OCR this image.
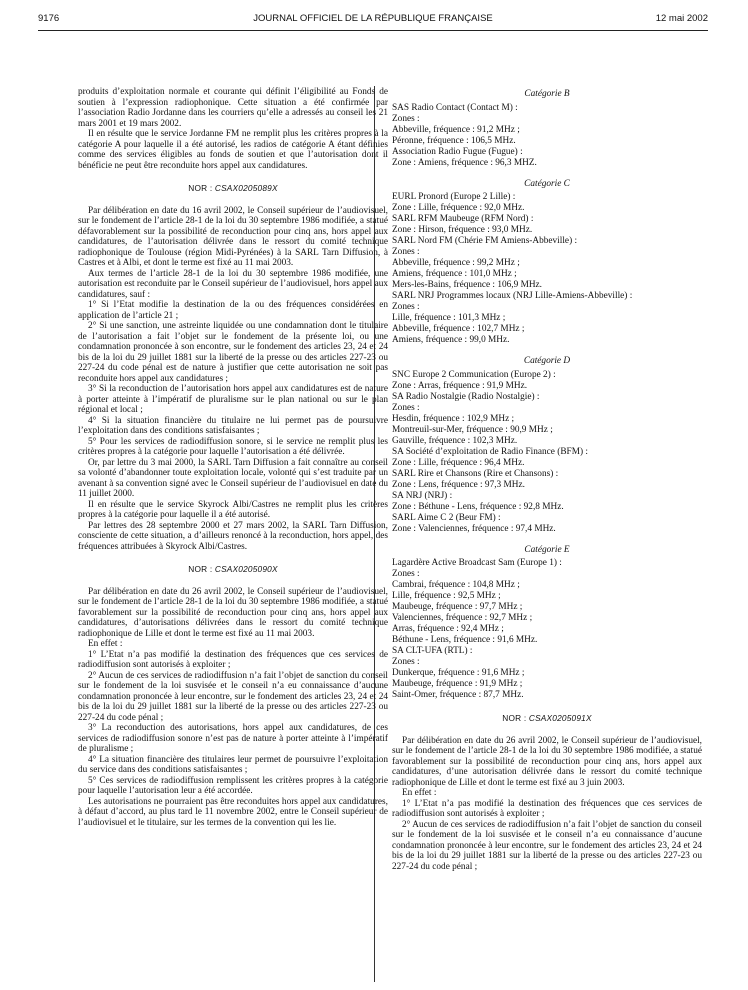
9176	JOURNAL OFFICIEL DE LA RÉPUBLIQUE FRANÇAISE	12 mai 2002

produits d’exploitation normale et courante qui définit l’éligibilité au Fonds de soutien à l’expression radiophonique. Cette situation a été confirmée par l’association Radio Jordanne dans les courriers qu’elle a adressés au conseil les 21 mars 2001 et 19 mars 2002.

Il en résulte que le service Jordanne FM ne remplit plus les critères propres à la catégorie A pour laquelle il a été autorisé, les radios de catégorie A étant définies comme des services éligibles au fonds de soutien et que l’autorisation dont il bénéficie ne peut être reconduite hors appel aux candidatures.

NOR : CSAX0205089X

Par délibération en date du 16 avril 2002, le Conseil supérieur de l’audiovisuel, sur le fondement de l’article 28-1 de la loi du 30 septembre 1986 modifiée, a statué défavorablement sur la possibilité de reconduction pour cinq ans, hors appel aux candidatures, de l’autorisation délivrée dans le ressort du comité technique radiophonique de Toulouse (région Midi-Pyrénées) à la SARL Tarn Diffusion, à Castres et à Albi, et dont le terme est fixé au 11 mai 2003.

Aux termes de l’article 28-1 de la loi du 30 septembre 1986 modifiée, une autorisation est reconduite par le Conseil supérieur de l’audiovisuel, hors appel aux candidatures, sauf :

1° Si l’Etat modifie la destination de la ou des fréquences considérées en application de l’article 21 ;

2° Si une sanction, une astreinte liquidée ou une condamnation dont le titulaire de l’autorisation a fait l’objet sur le fondement de la présente loi, ou une condamnation prononcée à son encontre, sur le fondement des articles 23, 24 et 24 bis de la loi du 29 juillet 1881 sur la liberté de la presse ou des articles 227-23 ou 227-24 du code pénal est de nature à justifier que cette autorisation ne soit pas reconduite hors appel aux candidatures ;

3° Si la reconduction de l’autorisation hors appel aux candidatures est de nature à porter atteinte à l’impératif de pluralisme sur le plan national ou sur le plan régional et local ;

4° Si la situation financière du titulaire ne lui permet pas de poursuivre l’exploitation dans des conditions satisfaisantes ;

5° Pour les services de radiodiffusion sonore, si le service ne remplit plus les critères propres à la catégorie pour laquelle l’autorisation a été délivrée.

Or, par lettre du 3 mai 2000, la SARL Tarn Diffusion a fait connaître au conseil sa volonté d’abandonner toute exploitation locale, volonté qui s’est traduite par un avenant à sa convention signé avec le Conseil supérieur de l’audiovisuel en date du 11 juillet 2000.

Il en résulte que le service Skyrock Albi/Castres ne remplit plus les critères propres à la catégorie pour laquelle il a été autorisé.

Par lettres des 28 septembre 2000 et 27 mars 2002, la SARL Tarn Diffusion, consciente de cette situation, a d’ailleurs renoncé à la reconduction, hors appel, des fréquences attribuées à Skyrock Albi/Castres.

NOR : CSAX0205090X

Par délibération en date du 26 avril 2002, le Conseil supérieur de l’audiovisuel, sur le fondement de l’article 28-1 de la loi du 30 septembre 1986 modifiée, a statué favorablement sur la possibilité de reconduction pour cinq ans, hors appel aux candidatures, d’autorisations délivrées dans le ressort du comité technique radiophonique de Lille et dont le terme est fixé au 11 mai 2003.

En effet :

1° L’Etat n’a pas modifié la destination des fréquences que ces services de radiodiffusion sont autorisés à exploiter ;

2° Aucun de ces services de radiodiffusion n’a fait l’objet de sanction du conseil sur le fondement de la loi susvisée et le conseil n’a eu connaissance d’aucune condamnation prononcée à leur encontre, sur le fondement des articles 23, 24 et 24 bis de la loi du 29 juillet 1881 sur la liberté de la presse ou des articles 227-23 ou 227-24 du code pénal ;

3° La reconduction des autorisations, hors appel aux candidatures, de ces services de radiodiffusion sonore n’est pas de nature à porter atteinte à l’impératif de pluralisme ;

4° La situation financière des titulaires leur permet de poursuivre l’exploitation du service dans des conditions satisfaisantes ;

5° Ces services de radiodiffusion remplissent les critères propres à la catégorie pour laquelle l’autorisation leur a été accordée.

Les autorisations ne pourraient pas être reconduites hors appel aux candidatures, à défaut d’accord, au plus tard le 11 novembre 2002, entre le Conseil supérieur de l’audiovisuel et le titulaire, sur les termes de la convention qui les lie.

Catégorie B
SAS Radio Contact (Contact M) :
Zones :
Abbeville, fréquence : 91,2 MHz ;
Péronne, fréquence : 106,5 MHz.
Association Radio Fugue (Fugue) :
Zone : Amiens, fréquence : 96,3 MHZ.
Catégorie C
EURL Pronord (Europe 2 Lille) :
Zone : Lille, fréquence : 92,0 MHz.
SARL RFM Maubeuge (RFM Nord) :
Zone : Hirson, fréquence : 93,0 MHz.
SARL Nord FM (Chérie FM Amiens-Abbeville) :
Zones :
Abbeville, fréquence : 99,2 MHz ;
Amiens, fréquence : 101,0 MHz ;
Mers-les-Bains, fréquence : 106,9 MHz.
SARL NRJ Programmes locaux (NRJ Lille-Amiens-Abbeville) :
Zones :
Lille, fréquence : 101,3 MHz ;
Abbeville, fréquence : 102,7 MHz ;
Amiens, fréquence : 99,0 MHz.
Catégorie D
SNC Europe 2 Communication (Europe 2) :
Zone : Arras, fréquence : 91,9 MHz.
SA Radio Nostalgie (Radio Nostalgie) :
Zones :
Hesdin, fréquence : 102,9 MHz ;
Montreuil-sur-Mer, fréquence : 90,9 MHz ;
Gauville, fréquence : 102,3 MHz.
SA Société d’exploitation de Radio Finance (BFM) :
Zone : Lille, fréquence : 96,4 MHz.
SARL Rire et Chansons (Rire et Chansons) :
Zone : Lens, fréquence : 97,3 MHz.
SA NRJ (NRJ) :
Zone : Béthune - Lens, fréquence : 92,8 MHz.
SARL Aime C 2 (Beur FM) :
Zone : Valenciennes, fréquence : 97,4 MHz.
Catégorie E
Lagardère Active Broadcast Sam (Europe 1) :
Zones :
Cambrai, fréquence : 104,8 MHz ;
Lille, fréquence : 92,5 MHz ;
Maubeuge, fréquence : 97,7 MHz ;
Valenciennes, fréquence : 92,7 MHz ;
Arras, fréquence : 92,4 MHz ;
Béthune - Lens, fréquence : 91,6 MHz.
SA CLT-UFA (RTL) :
Zones :
Dunkerque, fréquence : 91,6 MHz ;
Maubeuge, fréquence : 91,9 MHz ;
Saint-Omer, fréquence : 87,7 MHz.
NOR : CSAX0205091X

Par délibération en date du 26 avril 2002, le Conseil supérieur de l’audiovisuel, sur le fondement de l’article 28-1 de la loi du 30 septembre 1986 modifiée, a statué favorablement sur la possibilité de reconduction pour cinq ans, hors appel aux candidatures, d’une autorisation délivrée dans le ressort du comité technique radiophonique de Lille et dont le terme est fixé au 3 juin 2003.

En effet :

1° L’Etat n’a pas modifié la destination des fréquences que ces services de radiodiffusion sont autorisés à exploiter ;

2° Aucun de ces services de radiodiffusion n’a fait l’objet de sanction du conseil sur le fondement de la loi susvisée et le conseil n’a eu connaissance d’aucune condamnation prononcée à leur encontre, sur le fondement des articles 23, 24 et 24 bis de la loi du 29 juillet 1881 sur la liberté de la presse ou des articles 227-23 ou 227-24 du code pénal ;
